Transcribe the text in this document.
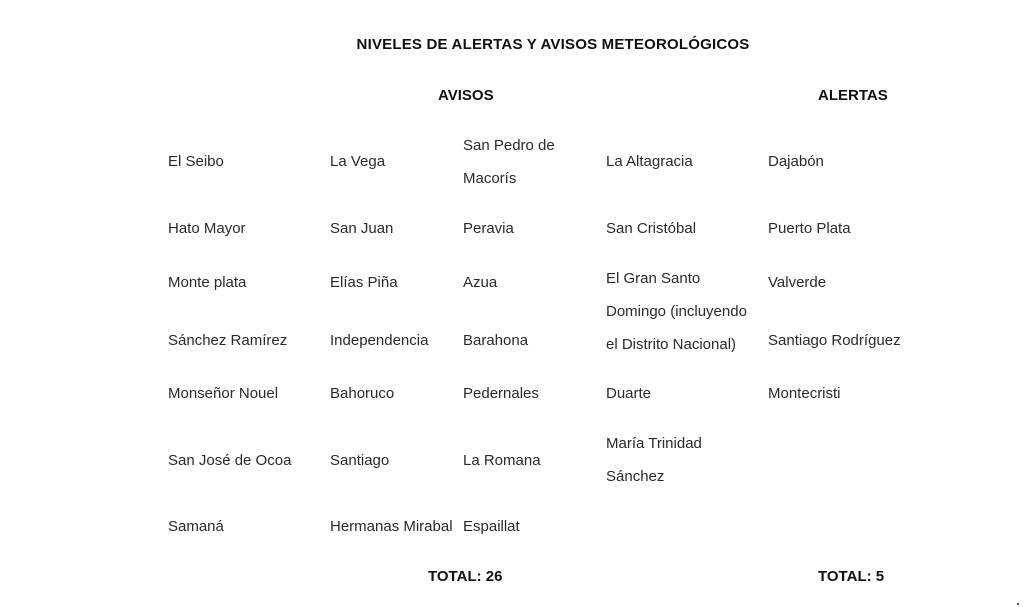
NIVELES DE ALERTAS Y AVISOS METEOROLÓGICOS
AVISOS	ALERTAS
El Seibo
Hato Mayor
Monte plata
Sánchez Ramírez
Monseñor Nouel
San José de Ocoa
Samaná
La Vega
San Juan
Elías Piña
Independencia
Bahoruco
Santiago
Hermanas Mirabal
San Pedro de
Macorís
Peravia
Azua
Barahona
Pedernales
La Romana
Espaillat
La Altagracia
San Cristóbal
El Gran Santo
Domingo (incluyendo
el Distrito Nacional)
Duarte
María Trinidad
Sánchez
Dajabón
Puerto Plata
Valverde
Santiago Rodríguez
Montecristi
TOTAL: 26	TOTAL: 5
